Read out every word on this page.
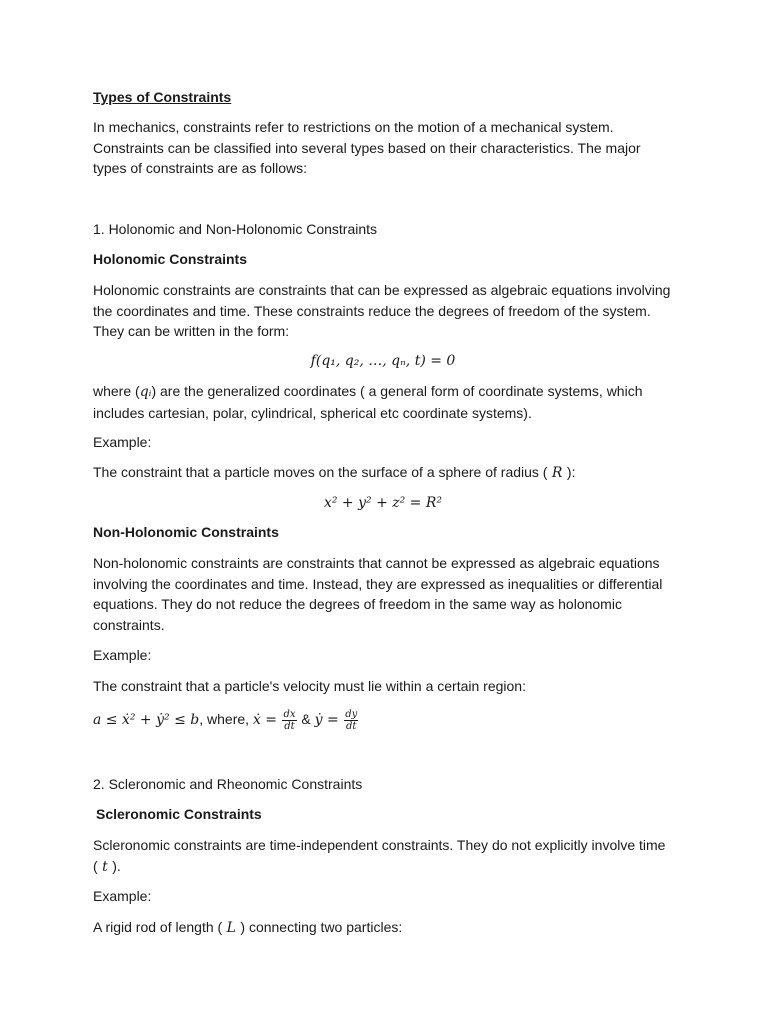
Types of Constraints

In mechanics, constraints refer to restrictions on the motion of a mechanical system. Constraints can be classified into several types based on their characteristics. The major types of constraints are as follows:

1. Holonomic and Non-Holonomic Constraints

Holonomic Constraints

Holonomic constraints are constraints that can be expressed as algebraic equations involving the coordinates and time. These constraints reduce the degrees of freedom of the system. They can be written in the form:

f(q₁, q₂, …, qₙ, t) = 0

where (qᵢ) are the generalized coordinates ( a general form of coordinate systems, which includes cartesian, polar, cylindrical, spherical etc coordinate systems).

Example:

The constraint that a particle moves on the surface of a sphere of radius ( R ):

x² + y² + z² = R²

Non-Holonomic Constraints

Non-holonomic constraints are constraints that cannot be expressed as algebraic equations involving the coordinates and time. Instead, they are expressed as inequalities or differential equations. They do not reduce the degrees of freedom in the same way as holonomic constraints.

Example:

The constraint that a particle's velocity must lie within a certain region:

a ≤ ẋ² + ẏ² ≤ b, where, ẋ = $\frac{dx}{dt}$ & ẏ = $\frac{dy}{dt}$

2. Scleronomic and Rheonomic Constraints

Scleronomic Constraints

Scleronomic constraints are time-independent constraints. They do not explicitly involve time ( t ).

Example:

A rigid rod of length ( L ) connecting two particles:
